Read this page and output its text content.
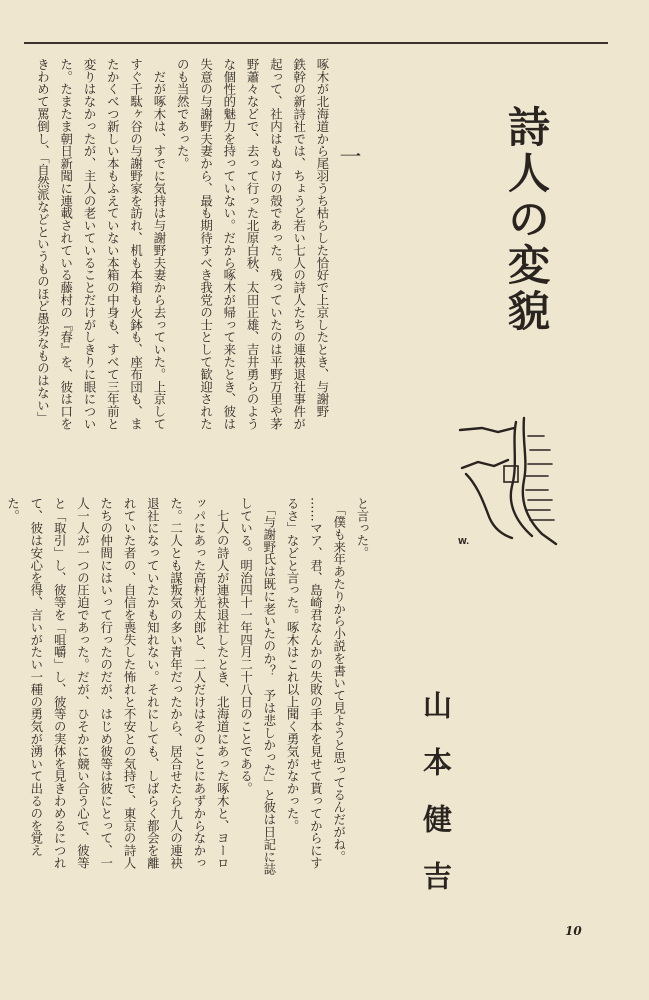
詩人の変貌
一
啄木が北海道から尾羽うち枯らした恰好で上京したとき、与謝野
鉄幹の新詩社では、ちょうど若い七人の詩人たちの連袂退社事件が
起って、社内はもぬけの殻であった。残っていたのは平野万里や茅
野蕭々などで、去って行った北原白秋、太田正雄、吉井勇らのよう
な個性的魅力を持っていない。だから啄木が帰って来たとき、彼は
失意の与謝野夫妻から、最も期待すべき我党の士として歓迎された
のも当然であった。
　だが啄木は、すでに気持は与謝野夫妻から去っていた。上京して
すぐ千駄ヶ谷の与謝野家を訪れ、机も本箱も火鉢も、座布団も、ま
たかくべつ新しい本もふえていない本箱の中身も、すべて三年前と
変りはなかったが、主人の老いていることだけがしきりに眼につい
た。たまたま朝日新聞に連載されている藤村の『春』を、彼は口を
きわめて罵倒し、「自然派などというものほど愚劣なものはない」
W.
山本健吉
と言った。
　「僕も来年あたりから小説を書いて見ようと思ってるんだがね。
……マア、君、島崎君なんかの失敗の手本を見せて貰ってからにす
るさ」などと言った。啄木はこれ以上聞く勇気がなかった。
　「与謝野氏は既に老いたのか？　予は悲しかった」と彼は日記に誌
している。明治四十一年四月二十八日のことである。
　七人の詩人が連袂退社したとき、北海道にあった啄木と、ヨーロ
ッパにあった高村光太郎と、二人だけはそのことにあずからなかっ
た。二人とも謀叛気の多い青年だったから、居合せたら九人の連袂
退社になっていたかも知れない。それにしても、しばらく都会を離
れていた者の、自信を喪失した怖れと不安との気持で、東京の詩人
たちの仲間にはいって行ったのだが、はじめ彼等は彼にとって、一
人一人が一つの圧迫であった。だが、ひそかに競い合う心で、彼等
と「取引」し、彼等を「咀嚼」し、彼等の実体を見きわめるにつれ
て、彼は安心を得、言いがたい一種の勇気が湧いて出るのを覚え
た。
10
